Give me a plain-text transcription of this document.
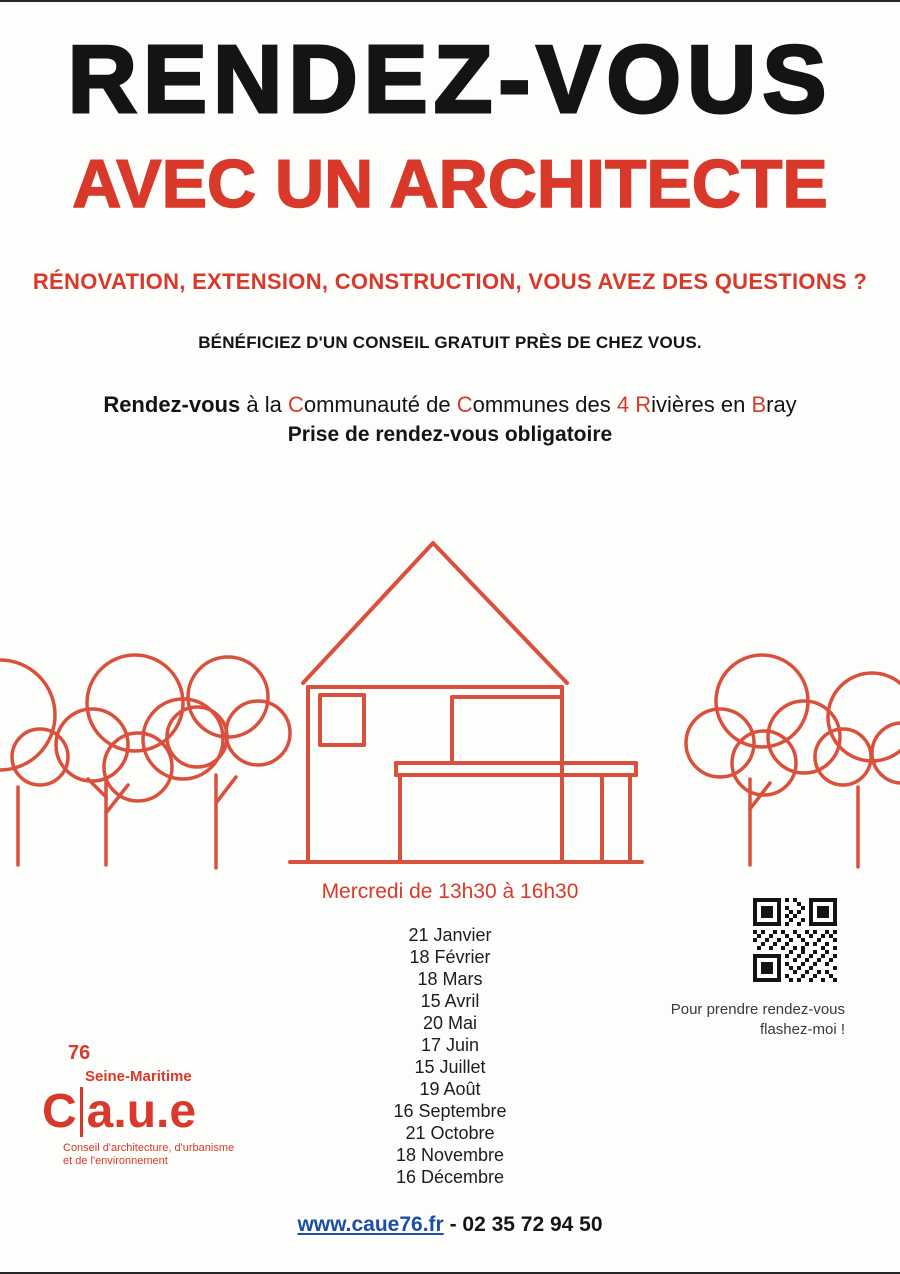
RENDEZ-VOUS
AVEC UN ARCHITECTE
RÉNOVATION, EXTENSION, CONSTRUCTION, VOUS AVEZ DES QUESTIONS ?
BÉNÉFICIEZ D'UN CONSEIL GRATUIT PRÈS DE CHEZ VOUS.
Rendez-vous à la Communauté de Communes des 4 Rivières en Bray
Prise de rendez-vous obligatoire
Mercredi de 13h30 à 16h30
21 Janvier
18 Février
18 Mars
15 Avril
20 Mai
17 Juin
15 Juillet
19 Août
16 Septembre
21 Octobre
18 Novembre
16 Décembre
Pour prendre rendez-vous
flashez-moi !
76
Seine-Maritime
C a.u.e
Conseil d'architecture, d'urbanisme
et de l'environnement
www.caue76.fr - 02 35 72 94 50
